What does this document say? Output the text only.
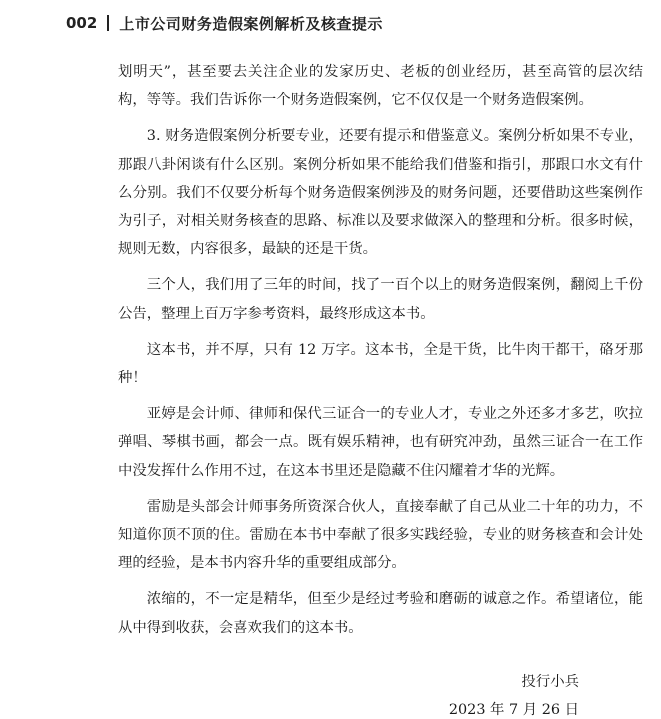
002 上市公司财务造假案例解析及核查提示

划明天”，甚至要去关注企业的发家历史、老板的创业经历，甚至高管的层次结构，等等。我们告诉你一个财务造假案例，它不仅仅是一个财务造假案例。

3. 财务造假案例分析要专业，还要有提示和借鉴意义。案例分析如果不专业，那跟八卦闲谈有什么区别。案例分析如果不能给我们借鉴和指引，那跟口水文有什么分别。我们不仅要分析每个财务造假案例涉及的财务问题，还要借助这些案例作为引子，对相关财务核查的思路、标准以及要求做深入的整理和分析。很多时候，规则无数，内容很多，最缺的还是干货。

三个人，我们用了三年的时间，找了一百个以上的财务造假案例，翻阅上千份公告，整理上百万字参考资料，最终形成这本书。

这本书，并不厚，只有 12 万字。这本书，全是干货，比牛肉干都干，硌牙那种！

亚婷是会计师、律师和保代三证合一的专业人才，专业之外还多才多艺，吹拉弹唱、琴棋书画，都会一点。既有娱乐精神，也有研究冲劲，虽然三证合一在工作中没发挥什么作用不过，在这本书里还是隐藏不住闪耀着才华的光辉。

雷励是头部会计师事务所资深合伙人，直接奉献了自己从业二十年的功力，不知道你顶不顶的住。雷励在本书中奉献了很多实践经验，专业的财务核查和会计处理的经验，是本书内容升华的重要组成部分。

浓缩的，不一定是精华，但至少是经过考验和磨砺的诚意之作。希望诸位，能从中得到收获，会喜欢我们的这本书。

投行小兵
2023 年 7 月 26 日
